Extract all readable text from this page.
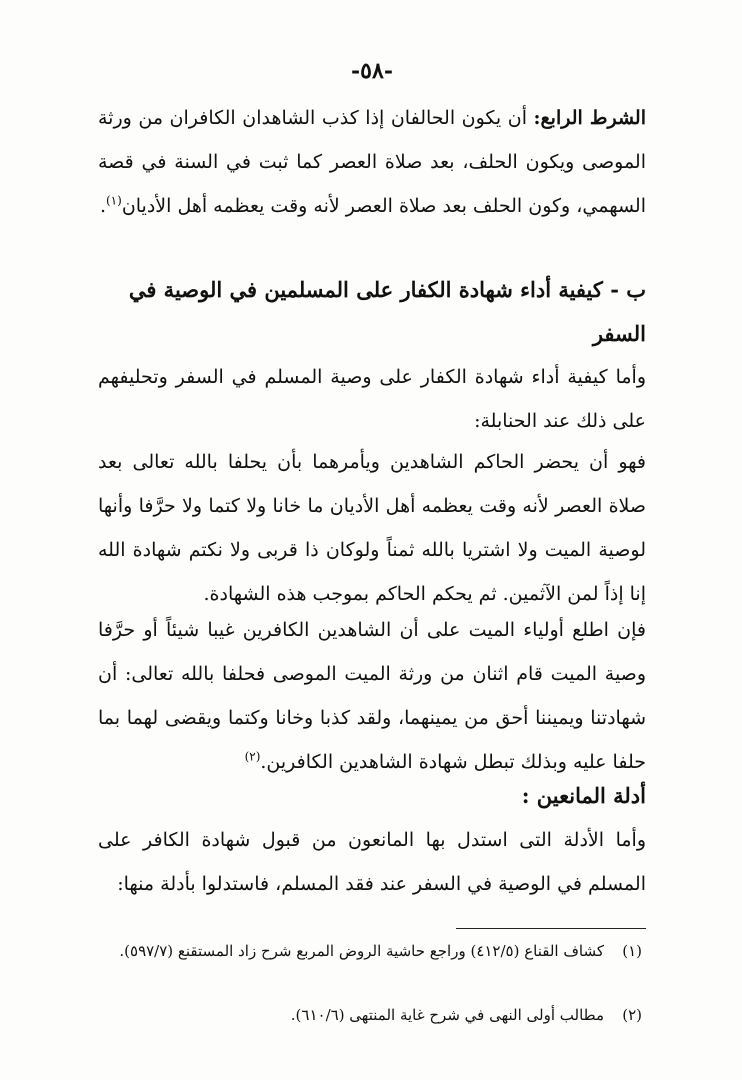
-٥٨-
الشرط الرابع: أن يكون الحالفان إذا كذب الشاهدان الكافران من ورثة الموصى ويكون الحلف، بعد صلاة العصر كما ثبت في السنة في قصة السهمي، وكون الحلف بعد صلاة العصر لأنه وقت يعظمه أهل الأديان$^{(١)}$.
ب - كيفية أداء شهادة الكفار على المسلمين في الوصية في السفر
وأما كيفية أداء شهادة الكفار على وصية المسلم في السفر وتحليفهم على ذلك عند الحنابلة:
فهو أن يحضر الحاكم الشاهدين ويأمرهما بأن يحلفا بالله تعالى بعد صلاة العصر لأنه وقت يعظمه أهل الأديان ما خانا ولا كتما ولا حرَّفا وأنها لوصية الميت ولا اشتريا بالله ثمناً ولوكان ذا قربى ولا نكتم شهادة الله إنا إذاً لمن الآثمين. ثم يحكم الحاكم بموجب هذه الشهادة.
فإن اطلع أولياء الميت على أن الشاهدين الكافرين غيبا شيئاً أو حرَّفا وصية الميت قام اثنان من ورثة الميت الموصى فحلفا بالله تعالى: أن شهادتنا ويميننا أحق من يمينهما، ولقد كذبا وخانا وكتما ويقضى لهما بما حلفا عليه وبذلك تبطل شهادة الشاهدين الكافرين.$^{(٢)}$
أدلة المانعين :
وأما الأدلة التى استدل بها المانعون من قبول شهادة الكافر على المسلم في الوصية في السفر عند فقد المسلم، فاستدلوا بأدلة منها:
(١)
كشاف القناع (٤١٢/٥) وراجع حاشية الروض المربع شرح زاد المستقنع (٥٩٧/٧).
(٢)
مطالب أولى النهى في شرح غاية المنتهى (٦١٠/٦).
